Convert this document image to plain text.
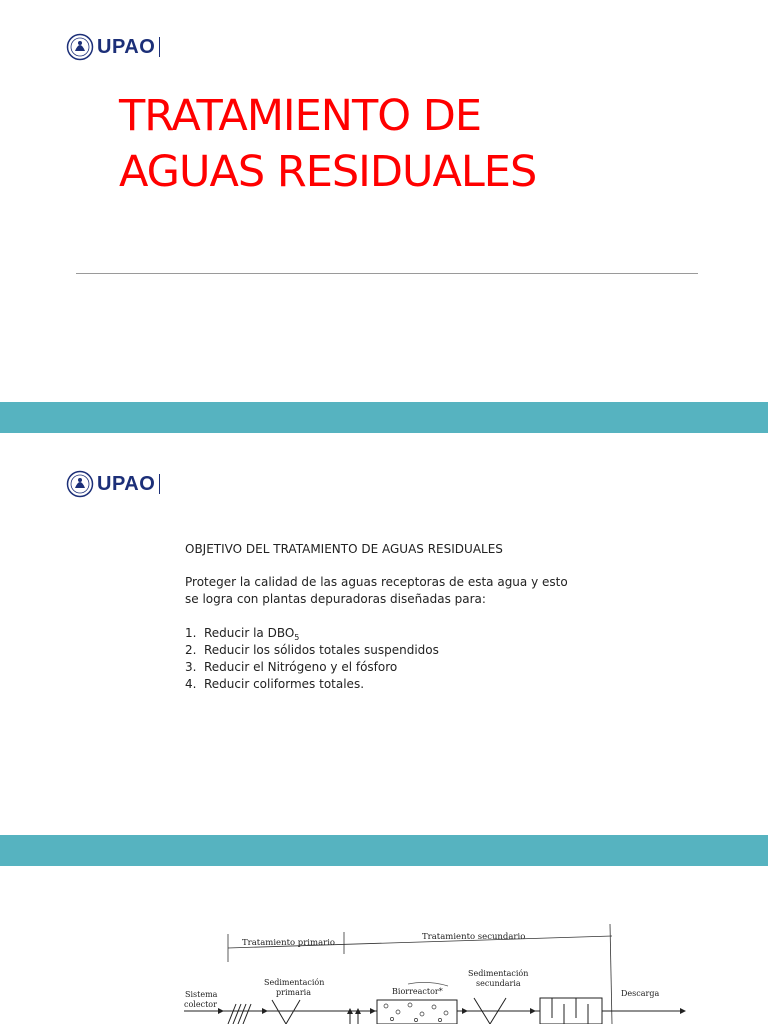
UPAO
TRATAMIENTO DE
AGUAS RESIDUALES
UPAO

OBJETIVO DEL TRATAMIENTO DE AGUAS RESIDUALES

Proteger la calidad de las aguas receptoras de esta agua y esto se logra con plantas depuradoras diseñadas para:

1. Reducir la $DBO_5$
2. Reducir los sólidos totales suspendidos
3. Reducir el Nitrógeno y el fósforo
4. Reducir coliformes totales.
Tratamiento primario
Tratamiento secundario
Sistema
colector
Sedimentación
primaria	Biorreactor*
Sedimentación
secundaria
Descarga
